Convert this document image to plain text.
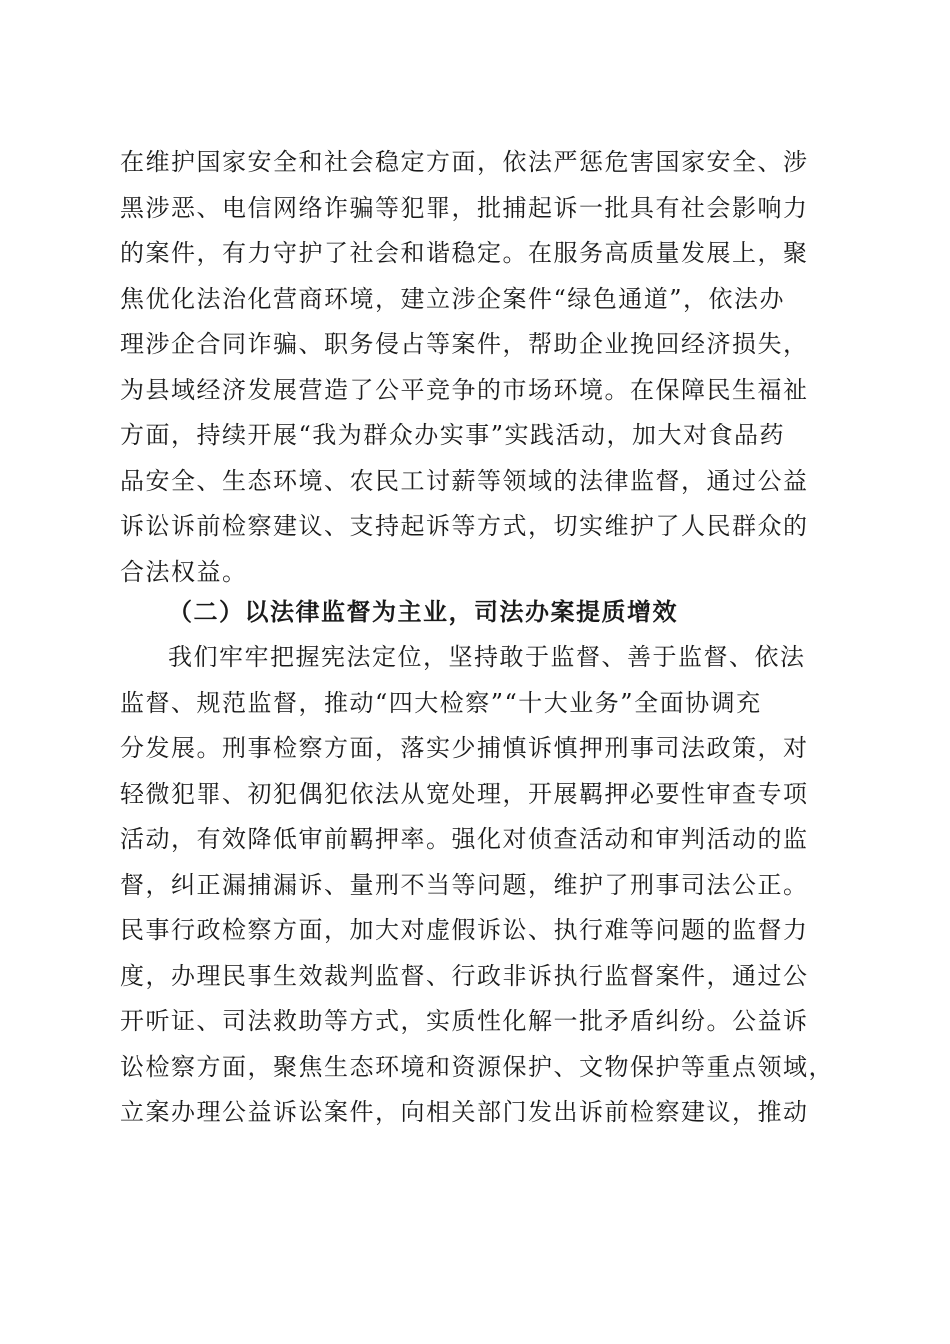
在维护国家安全和社会稳定方面，依法严惩危害国家安全、涉
黑涉恶、电信网络诈骗等犯罪，批捕起诉一批具有社会影响力
的案件，有力守护了社会和谐稳定。在服务高质量发展上，聚
焦优化法治化营商环境，建立涉企案件“绿色通道”，依法办
理涉企合同诈骗、职务侵占等案件，帮助企业挽回经济损失，
为县域经济发展营造了公平竞争的市场环境。在保障民生福祉
方面，持续开展“我为群众办实事”实践活动，加大对食品药
品安全、生态环境、农民工讨薪等领域的法律监督，通过公益
诉讼诉前检察建议、支持起诉等方式，切实维护了人民群众的
合法权益。
（二）以法律监督为主业，司法办案提质增效
我们牢牢把握宪法定位，坚持敢于监督、善于监督、依法
监督、规范监督，推动“四大检察”“十大业务”全面协调充
分发展。刑事检察方面，落实少捕慎诉慎押刑事司法政策，对
轻微犯罪、初犯偶犯依法从宽处理，开展羁押必要性审查专项
活动，有效降低审前羁押率。强化对侦查活动和审判活动的监
督，纠正漏捕漏诉、量刑不当等问题，维护了刑事司法公正。
民事行政检察方面，加大对虚假诉讼、执行难等问题的监督力
度，办理民事生效裁判监督、行政非诉执行监督案件，通过公
开听证、司法救助等方式，实质性化解一批矛盾纠纷。公益诉
讼检察方面，聚焦生态环境和资源保护、文物保护等重点领域，
立案办理公益诉讼案件，向相关部门发出诉前检察建议，推动
